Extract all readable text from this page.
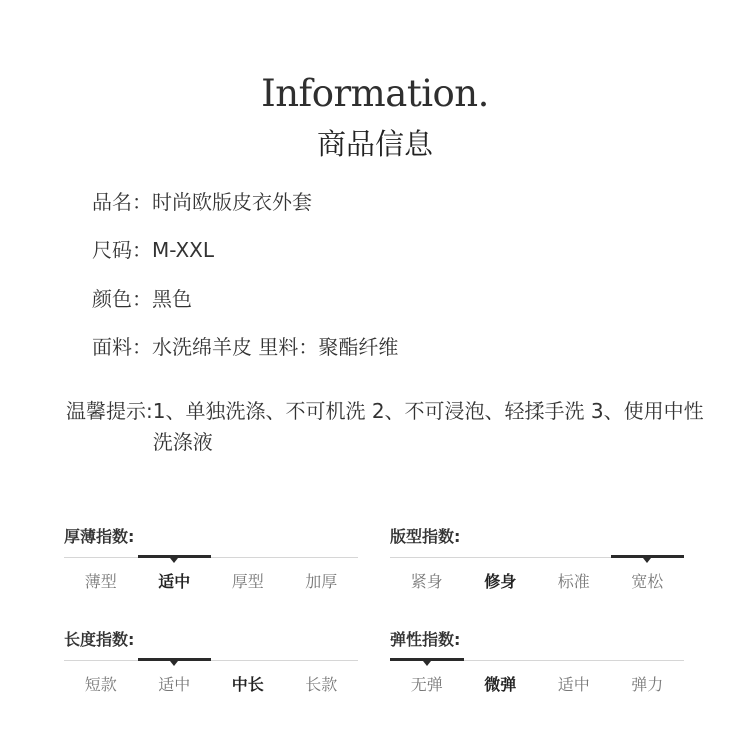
Information.
商品信息
品名：时尚欧版皮衣外套
尺码：M-XXL
颜色：黑色
面料：水洗绵羊皮 里料：聚酯纤维
温馨提示: 1、单独洗涤、不可机洗 2、不可浸泡、轻揉手洗 3、使用中性洗涤液
厚薄指数:
薄型	适中	厚型	加厚
版型指数:
紧身	修身	标准	宽松
长度指数:
短款	适中	中长	长款
弹性指数:
无弹	微弹	适中	弹力
